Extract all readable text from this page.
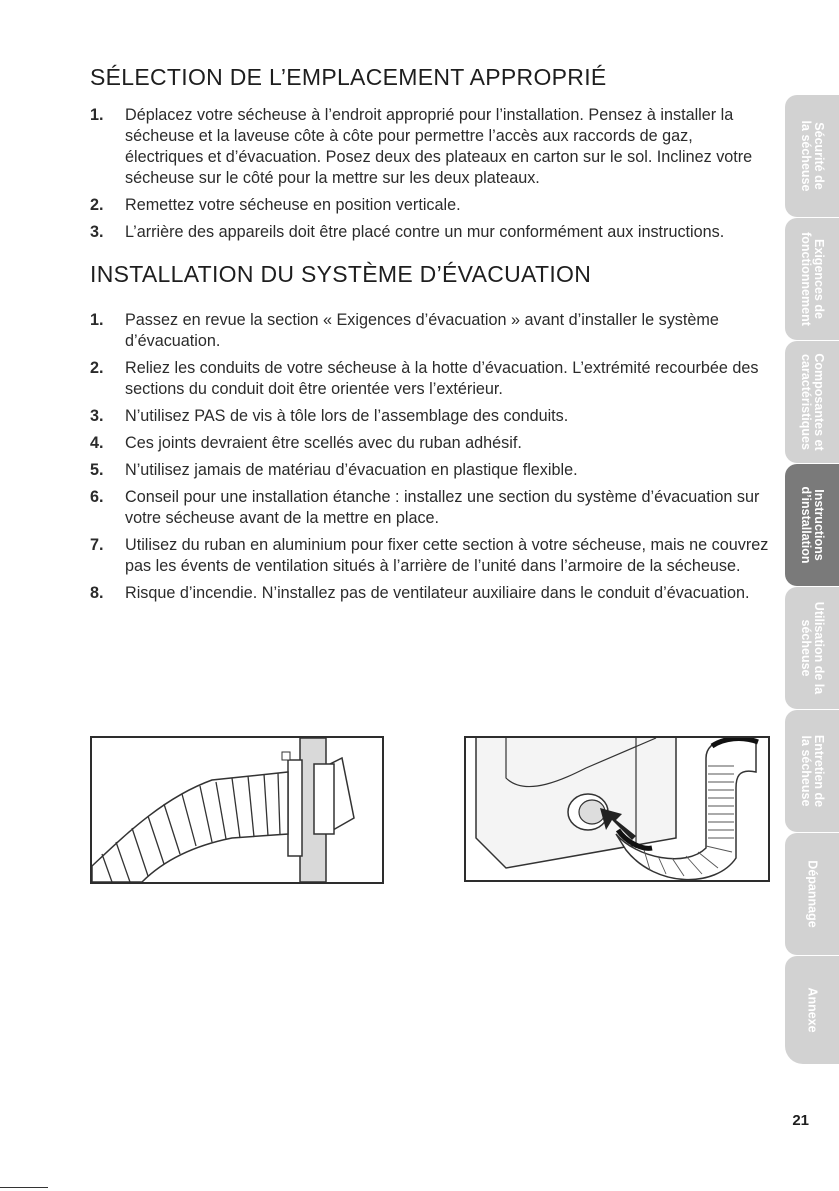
SÉLECTION DE L’EMPLACEMENT APPROPRIÉ
1. Déplacez votre sécheuse à l’endroit approprié pour l’installation. Pensez à installer la sécheuse et la laveuse côte à côte pour permettre l’accès aux raccords de gaz, électriques et d’évacuation. Posez deux des plateaux en carton sur le sol. Inclinez votre sécheuse sur le côté pour la mettre sur les deux plateaux.
2. Remettez votre sécheuse en position verticale.
3. L’arrière des appareils doit être placé contre un mur conformément aux instructions.
INSTALLATION DU SYSTÈME D’ÉVACUATION
1. Passez en revue la section « Exigences d’évacuation » avant d’installer le système d’évacuation.
2. Reliez les conduits de votre sécheuse à la hotte d’évacuation. L’extrémité recourbée des sections du conduit doit être orientée vers l’extérieur.
3. N’utilisez PAS de vis à tôle lors de l’assemblage des conduits.
4. Ces joints devraient être scellés avec du ruban adhésif.
5. N’utilisez jamais de matériau d’évacuation en plastique flexible.
6. Conseil pour une installation étanche : installez une section du système d’évacuation sur votre sécheuse avant de la mettre en place.
7. Utilisez du ruban en aluminium pour fixer cette section à votre sécheuse, mais ne couvrez pas les évents de ventilation situés à l’arrière de l’unité dans l’armoire de la sécheuse.
8. Risque d’incendie. N’installez pas de ventilateur auxiliaire dans le conduit d’évacuation.
Sécurité de
la sécheuse
Exigences de
fonctionnement
Composantes et
caractéristiques
Instructions
d’installation
Utilisation de la
sécheuse
Entretien de
la sécheuse
Dépannage
Annexe
21
